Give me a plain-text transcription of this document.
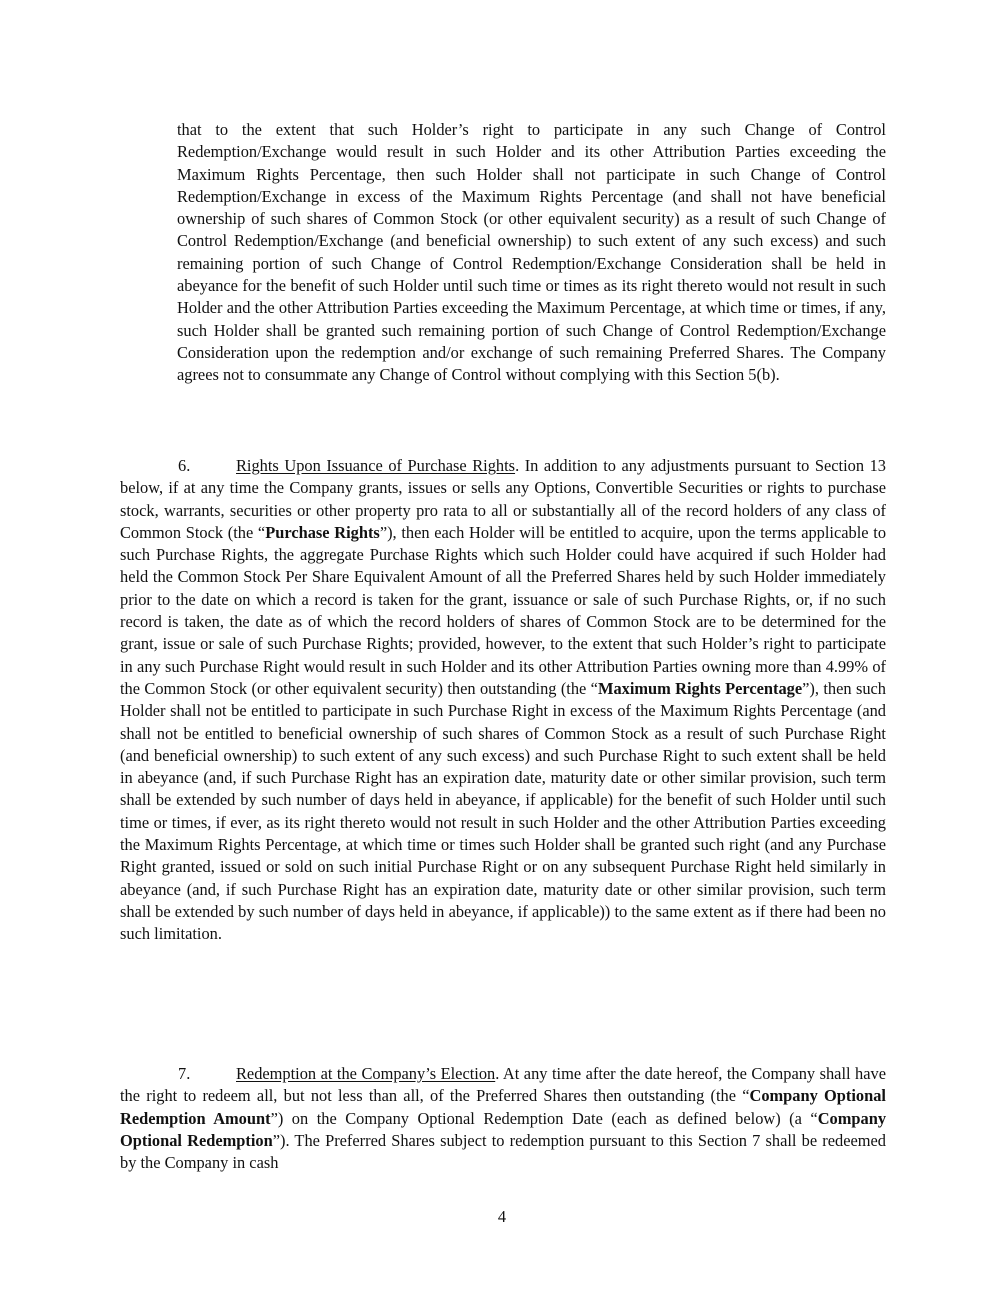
that to the extent that such Holder’s right to participate in any such Change of Control Redemption/Exchange would result in such Holder and its other Attribution Parties exceeding the Maximum Rights Percentage, then such Holder shall not participate in such Change of Control Redemption/Exchange in excess of the Maximum Rights Percentage (and shall not have beneficial ownership of such shares of Common Stock (or other equivalent security) as a result of such Change of Control Redemption/Exchange (and beneficial ownership) to such extent of any such excess) and such remaining portion of such Change of Control Redemption/Exchange Consideration shall be held in abeyance for the benefit of such Holder until such time or times as its right thereto would not result in such Holder and the other Attribution Parties exceeding the Maximum Percentage, at which time or times, if any, such Holder shall be granted such remaining portion of such Change of Control Redemption/Exchange Consideration upon the redemption and/or exchange of such remaining Preferred Shares. The Company agrees not to consummate any Change of Control without complying with this Section 5(b).

6.	Rights Upon Issuance of Purchase Rights. In addition to any adjustments pursuant to Section 13 below, if at any time the Company grants, issues or sells any Options, Convertible Securities or rights to purchase stock, warrants, securities or other property pro rata to all or substantially all of the record holders of any class of Common Stock (the “Purchase Rights”), then each Holder will be entitled to acquire, upon the terms applicable to such Purchase Rights, the aggregate Purchase Rights which such Holder could have acquired if such Holder had held the Common Stock Per Share Equivalent Amount of all the Preferred Shares held by such Holder immediately prior to the date on which a record is taken for the grant, issuance or sale of such Purchase Rights, or, if no such record is taken, the date as of which the record holders of shares of Common Stock are to be determined for the grant, issue or sale of such Purchase Rights; provided, however, to the extent that such Holder’s right to participate in any such Purchase Right would result in such Holder and its other Attribution Parties owning more than 4.99% of the Common Stock (or other equivalent security) then outstanding (the “Maximum Rights Percentage”), then such Holder shall not be entitled to participate in such Purchase Right in excess of the Maximum Rights Percentage (and shall not be entitled to beneficial ownership of such shares of Common Stock as a result of such Purchase Right (and beneficial ownership) to such extent of any such excess) and such Purchase Right to such extent shall be held in abeyance (and, if such Purchase Right has an expiration date, maturity date or other similar provision, such term shall be extended by such number of days held in abeyance, if applicable) for the benefit of such Holder until such time or times, if ever, as its right thereto would not result in such Holder and the other Attribution Parties exceeding the Maximum Rights Percentage, at which time or times such Holder shall be granted such right (and any Purchase Right granted, issued or sold on such initial Purchase Right or on any subsequent Purchase Right held similarly in abeyance (and, if such Purchase Right has an expiration date, maturity date or other similar provision, such term shall be extended by such number of days held in abeyance, if applicable)) to the same extent as if there had been no such limitation.

7.	Redemption at the Company’s Election. At any time after the date hereof, the Company shall have the right to redeem all, but not less than all, of the Preferred Shares then outstanding (the “Company Optional Redemption Amount”) on the Company Optional Redemption Date (each as defined below) (a “Company Optional Redemption”). The Preferred Shares subject to redemption pursuant to this Section 7 shall be redeemed by the Company in cash

4
